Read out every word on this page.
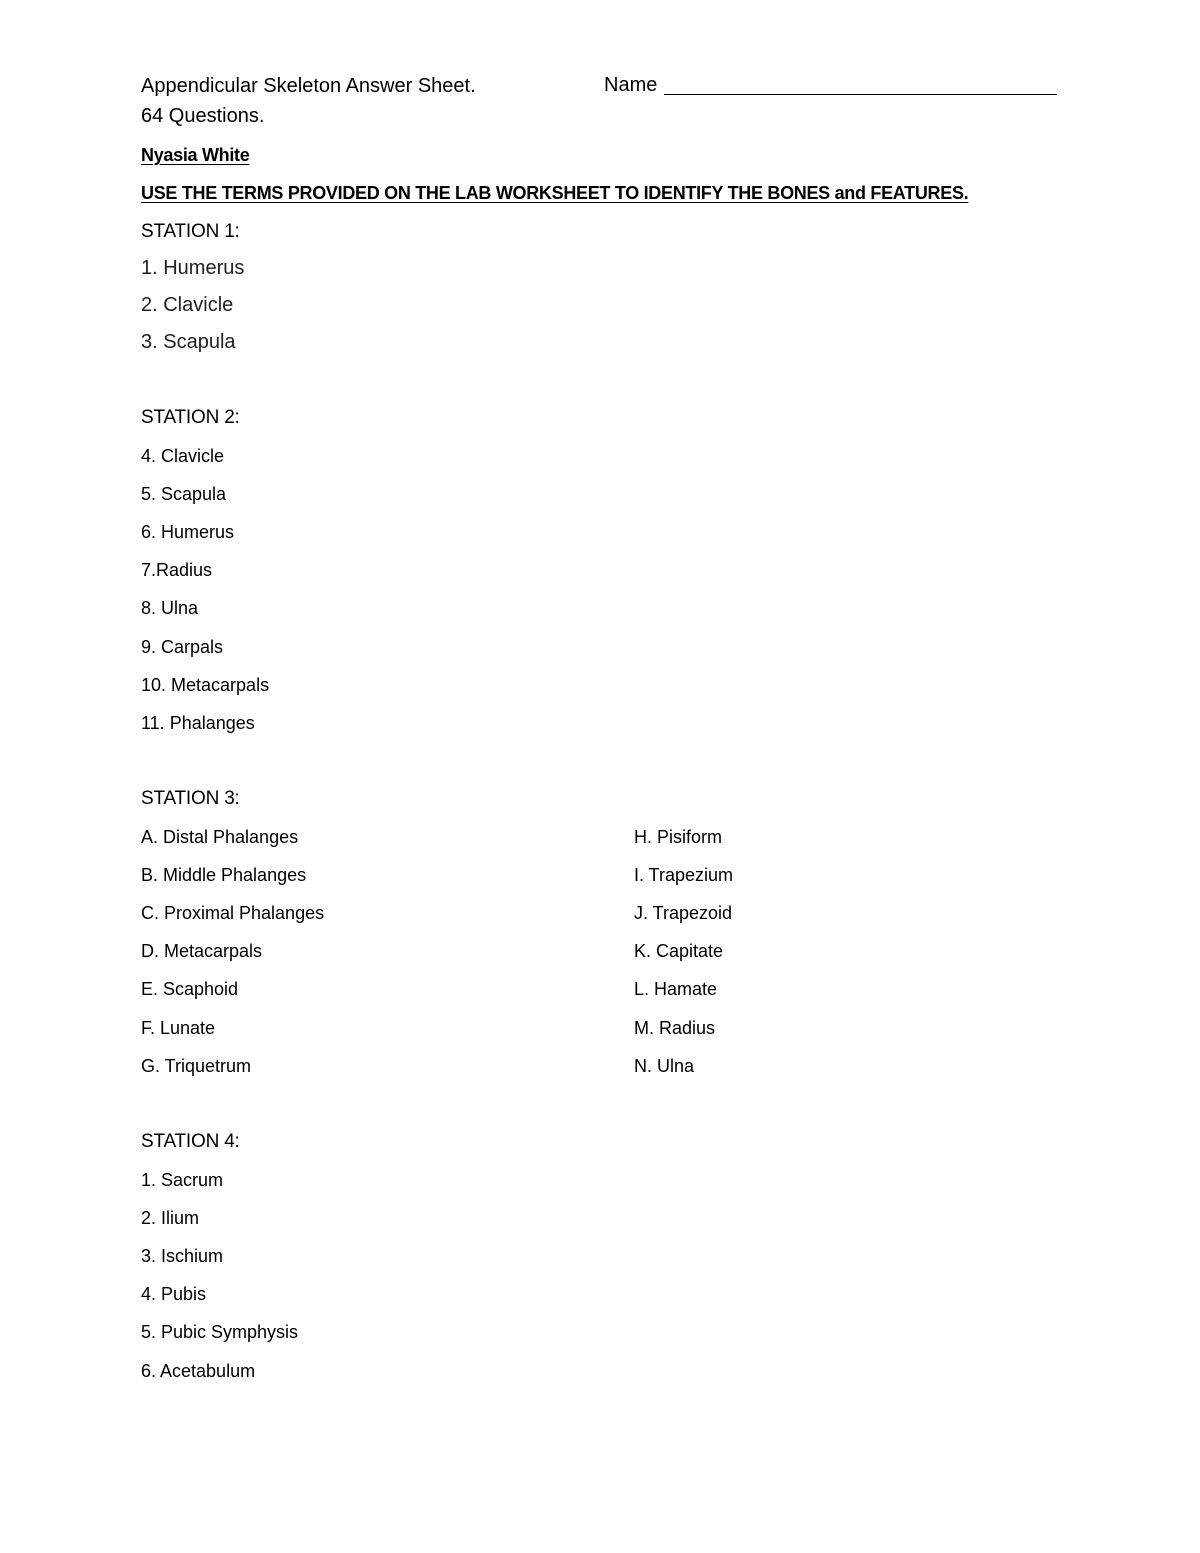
Appendicular Skeleton Answer Sheet.	Name
64 Questions.
Nyasia White
USE THE TERMS PROVIDED ON THE LAB WORKSHEET TO IDENTIFY THE BONES and FEATURES.
STATION 1:
1. Humerus
2. Clavicle
3. Scapula
STATION 2:
4. Clavicle
5. Scapula
6. Humerus
7.Radius
8. Ulna
9. Carpals
10. Metacarpals
11. Phalanges
STATION 3:
A. Distal Phalanges
B. Middle Phalanges
C. Proximal Phalanges
D. Metacarpals
E. Scaphoid
F. Lunate
G. Triquetrum
H. Pisiform
I. Trapezium
J. Trapezoid
K. Capitate
L. Hamate
M. Radius
N. Ulna
STATION 4:
1. Sacrum
2. Ilium
3. Ischium
4. Pubis
5. Pubic Symphysis
6. Acetabulum
